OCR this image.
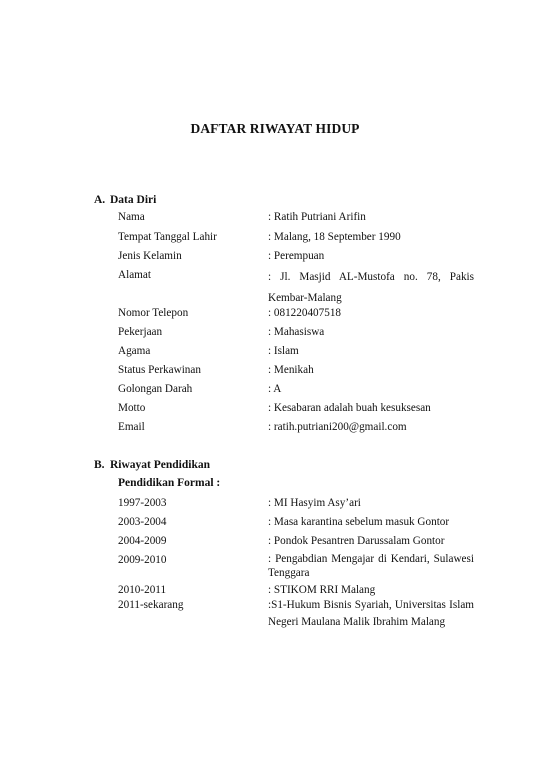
DAFTAR RIWAYAT HIDUP
A. Data Diri
Nama	: Ratih Putriani Arifin
Tempat Tanggal Lahir	: Malang, 18 September 1990
Jenis Kelamin	: Perempuan
Alamat	: Jl. Masjid AL-Mustofa no. 78, Pakis Kembar-Malang
Nomor Telepon	: 081220407518
Pekerjaan	: Mahasiswa
Agama	: Islam
Status Perkawinan	: Menikah
Golongan Darah	: A
Motto	: Kesabaran adalah buah kesuksesan
Email	: ratih.putriani200@gmail.com
B. Riwayat Pendidikan
Pendidikan Formal :
1997-2003	: MI Hasyim Asy’ari
2003-2004	: Masa karantina sebelum masuk Gontor
2004-2009	: Pondok Pesantren Darussalam Gontor
2009-2010	: Pengabdian Mengajar di Kendari, Sulawesi Tenggara
2010-2011	: STIKOM RRI Malang
2011-sekarang	:S1-Hukum Bisnis Syariah, Universitas Islam Negeri Maulana Malik Ibrahim Malang
